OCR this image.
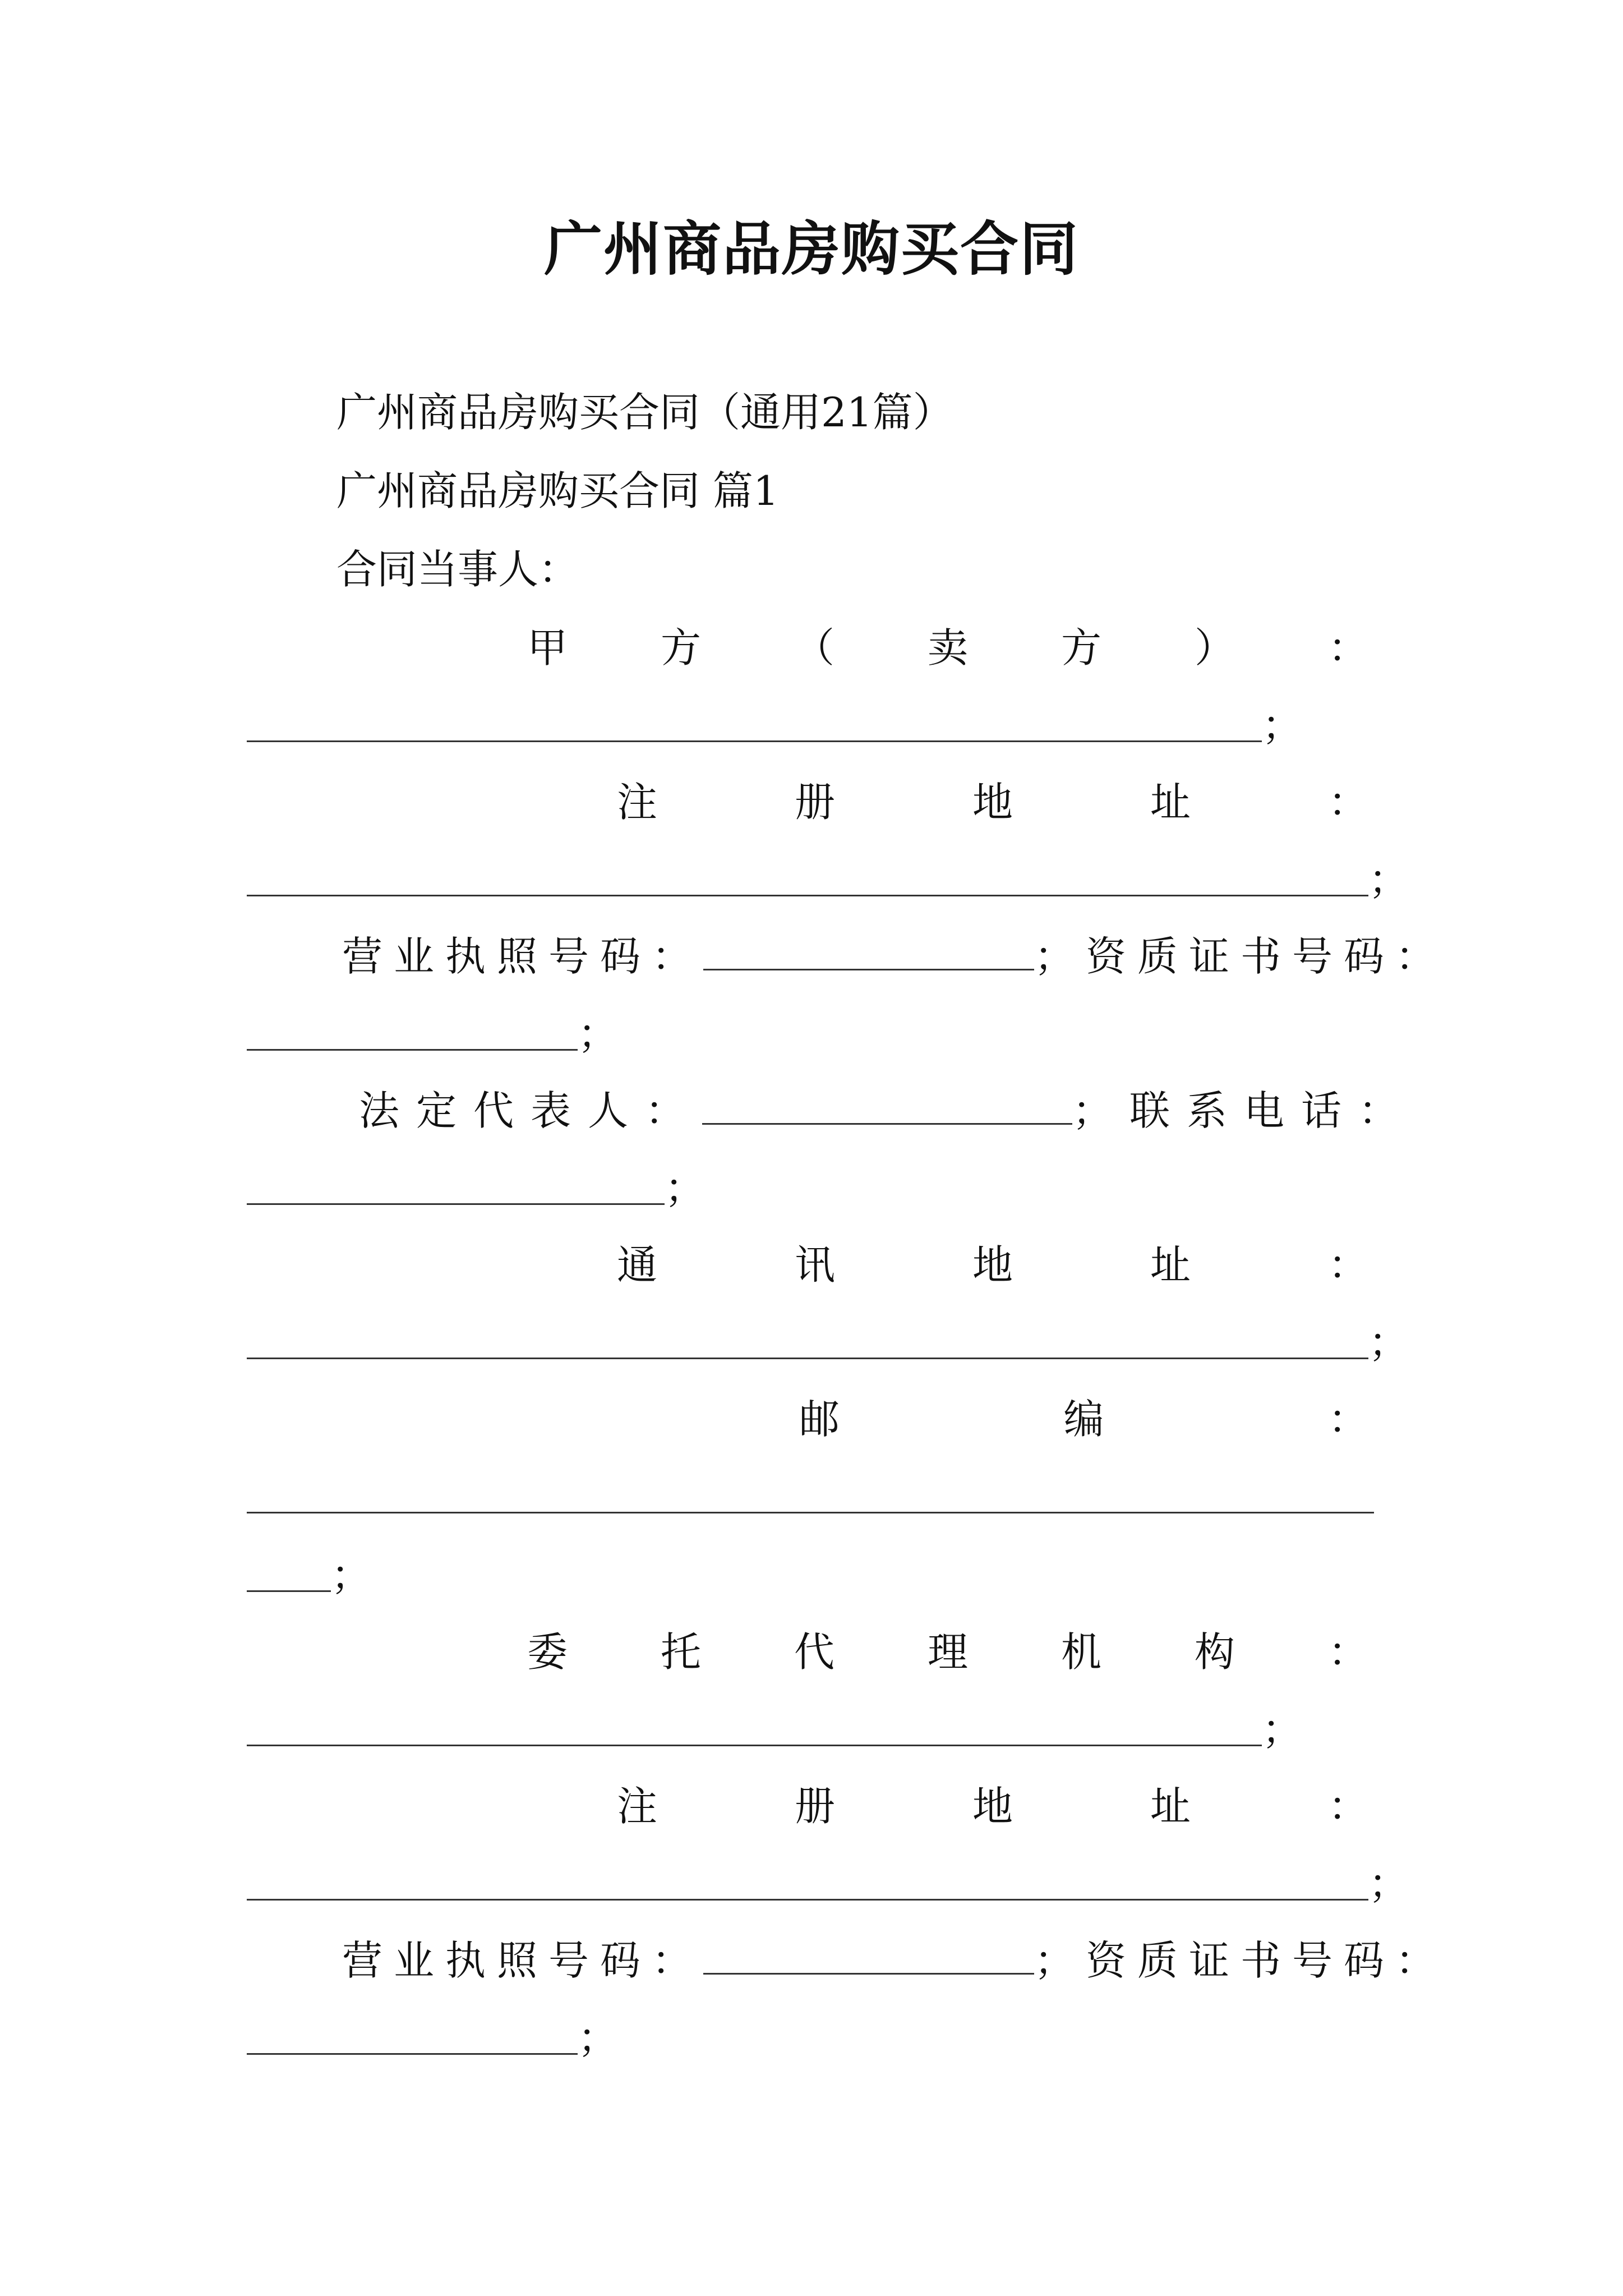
广州商品房购买合同
广州商品房购买合同（通用21篇）
广州商品房购买合同 篇1
合同当事人：
甲 方 （ 卖 方 ） ：
；
注	册	地	址	：
；
营业执照号码：	；资质证书号码：
；
法定代表人：	；联系电话：
；
通	讯	地	址	：
；
邮	编	：
；
委 托 代 理 机 构 ：
；
注	册	地	址	：
；
营业执照号码：	；资质证书号码：
；
